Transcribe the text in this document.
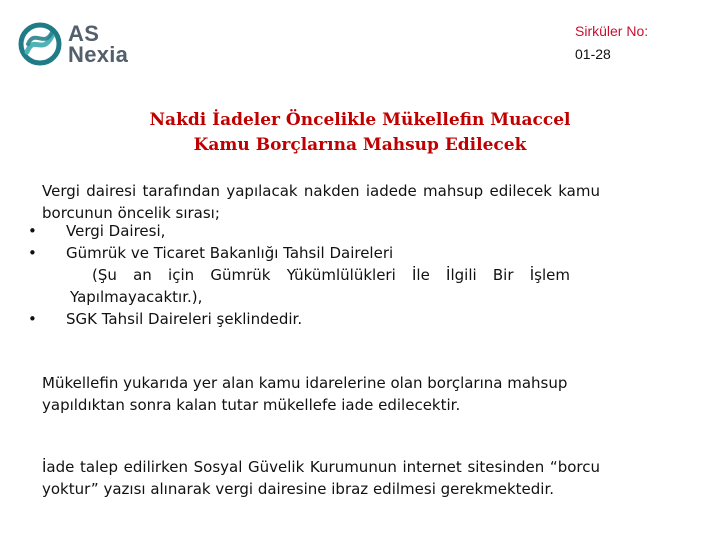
AS
Nexia
Sirküler No:
01-28
Nakdi İadeler Öncelikle Mükellefin Muaccel
Kamu Borçlarına Mahsup Edilecek

Vergi dairesi tarafından yapılacak nakden iadede mahsup edilecek kamu borcunun öncelik sırası;

• Vergi Dairesi,
• Gümrük ve Ticaret Bakanlığı Tahsil Daireleri
(Şu an için Gümrük Yükümlülükleri İle İlgili Bir İşlem
Yapılmayacaktır.),
• SGK Tahsil Daireleri şeklindedir.

Mükellefin yukarıda yer alan kamu idarelerine olan borçlarına mahsup yapıldıktan sonra kalan tutar mükellefe iade edilecektir.

İade talep edilirken Sosyal Güvelik Kurumunun internet sitesinden “borcu yoktur” yazısı alınarak vergi dairesine ibraz edilmesi gerekmektedir.
